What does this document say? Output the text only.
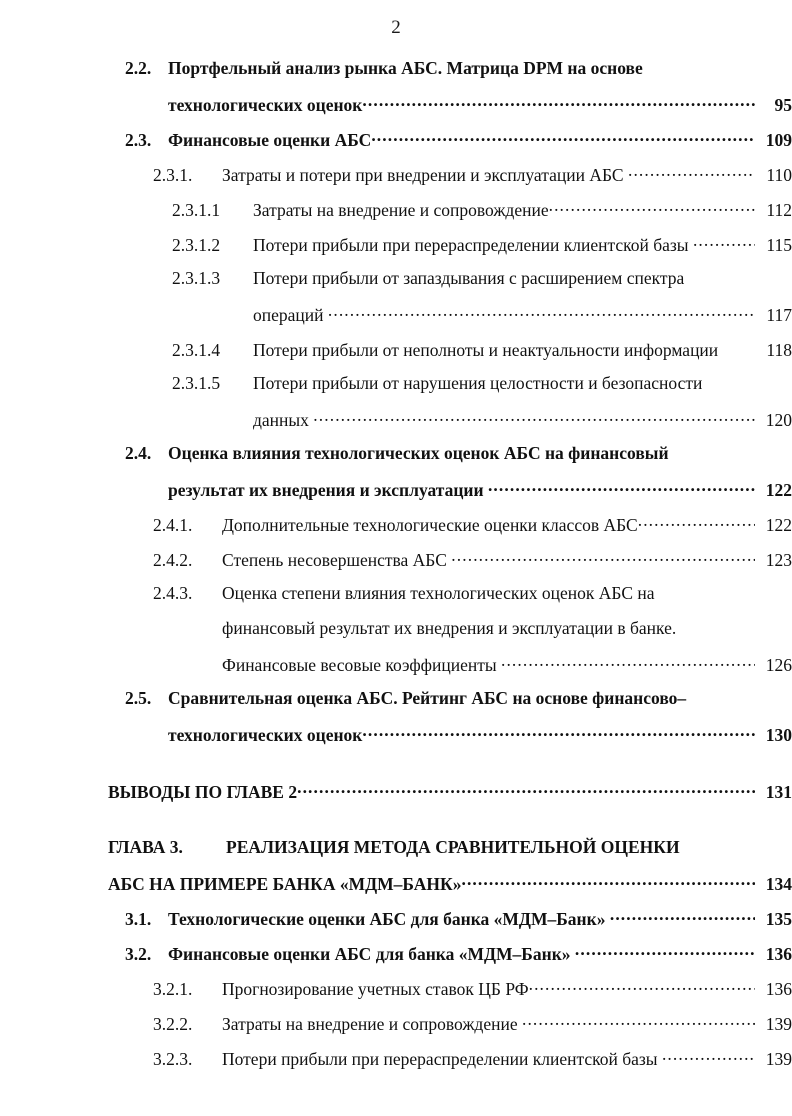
2
2.2. Портфельный анализ рынка АБС. Матрица DPM на основе
технологических оценок .....	95
2.3. Финансовые оценки АБС .....	109
2.3.1.	Затраты и потери при внедрении и эксплуатации АБС .....	110
2.3.1.1	Затраты на внедрение и сопровождение .....	112
2.3.1.2	Потери прибыли при перераспределении клиентской базы .....	115
2.3.1.3	Потери прибыли от запаздывания с расширением спектра
операций .....	117
2.3.1.4	Потери прибыли от неполноты и неактуальности информации	118
2.3.1.5	Потери прибыли от нарушения целостности и безопасности
данных .....	120
2.4. Оценка влияния технологических оценок АБС на финансовый
результат их внедрения и эксплуатации .....	122
2.4.1.	Дополнительные технологические оценки классов АБС .....	122
2.4.2.	Степень несовершенства АБС .....	123
2.4.3.	Оценка степени влияния технологических оценок АБС на
финансовый результат их внедрения и эксплуатации в банке.
Финансовые весовые коэффициенты .....	126
2.5. Сравнительная оценка АБС. Рейтинг АБС на основе финансово–
технологических оценок .....	130
ВЫВОДЫ ПО ГЛАВЕ 2 .....	131
ГЛАВА 3.	РЕАЛИЗАЦИЯ МЕТОДА СРАВНИТЕЛЬНОЙ ОЦЕНКИ
АБС НА ПРИМЕРЕ БАНКА «МДМ–БАНК» .....	134
3.1. Технологические оценки АБС для банка «МДМ–Банк» .....	135
3.2. Финансовые оценки АБС для банка «МДМ–Банк» .....	136
3.2.1.	Прогнозирование учетных ставок ЦБ РФ .....	136
3.2.2.	Затраты на внедрение и сопровождение .....	139
3.2.3.	Потери прибыли при перераспределении клиентской базы .....	139
